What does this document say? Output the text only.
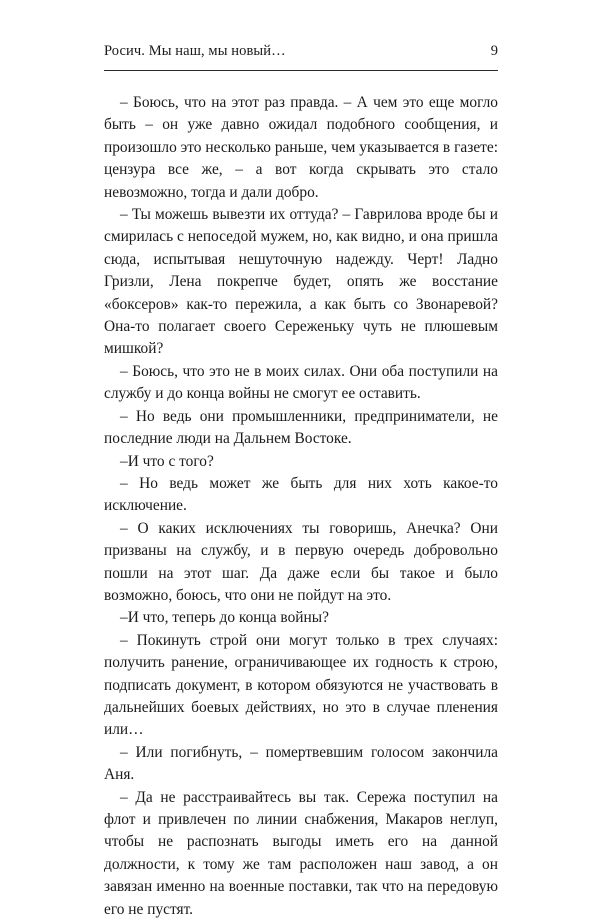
Росич. Мы наш, мы новый…	9

– Боюсь, что на этот раз правда. – А чем это еще могло быть – он уже давно ожидал подобного сообщения, и произошло это несколько раньше, чем указывается в газете: цензура все же, – а вот когда скрывать это стало невозможно, тогда и дали добро.

– Ты можешь вывезти их оттуда? – Гаврилова вроде бы и смирилась с непоседой мужем, но, как видно, и она пришла сюда, испытывая нешуточную надежду. Черт! Ладно Гризли, Лена покрепче будет, опять же восстание «боксеров» как-то пережила, а как быть со Звонаревой? Она-то полагает своего Сереженьку чуть не плюшевым мишкой?

– Боюсь, что это не в моих силах. Они оба поступили на службу и до конца войны не смогут ее оставить.

– Но ведь они промышленники, предприниматели, не последние люди на Дальнем Востоке.

–И что с того?

– Но ведь может же быть для них хоть какое-то исключение.

– О каких исключениях ты говоришь, Анечка? Они призваны на службу, и в первую очередь добровольно пошли на этот шаг. Да даже если бы такое и было возможно, боюсь, что они не пойдут на это.

–И что, теперь до конца войны?

– Покинуть строй они могут только в трех случаях: получить ранение, ограничивающее их годность к строю, подписать документ, в котором обязуются не участвовать в дальнейших боевых действиях, но это в случае пленения или…

– Или погибнуть, – помертвевшим голосом закончила Аня.

– Да не расстраивайтесь вы так. Сережа поступил на флот и привлечен по линии снабжения, Макаров неглуп, чтобы не распознать выгоды иметь его на данной должности, к тому же там расположен наш завод, а он завязан именно на военные поставки, так что на передовую его не пустят.
